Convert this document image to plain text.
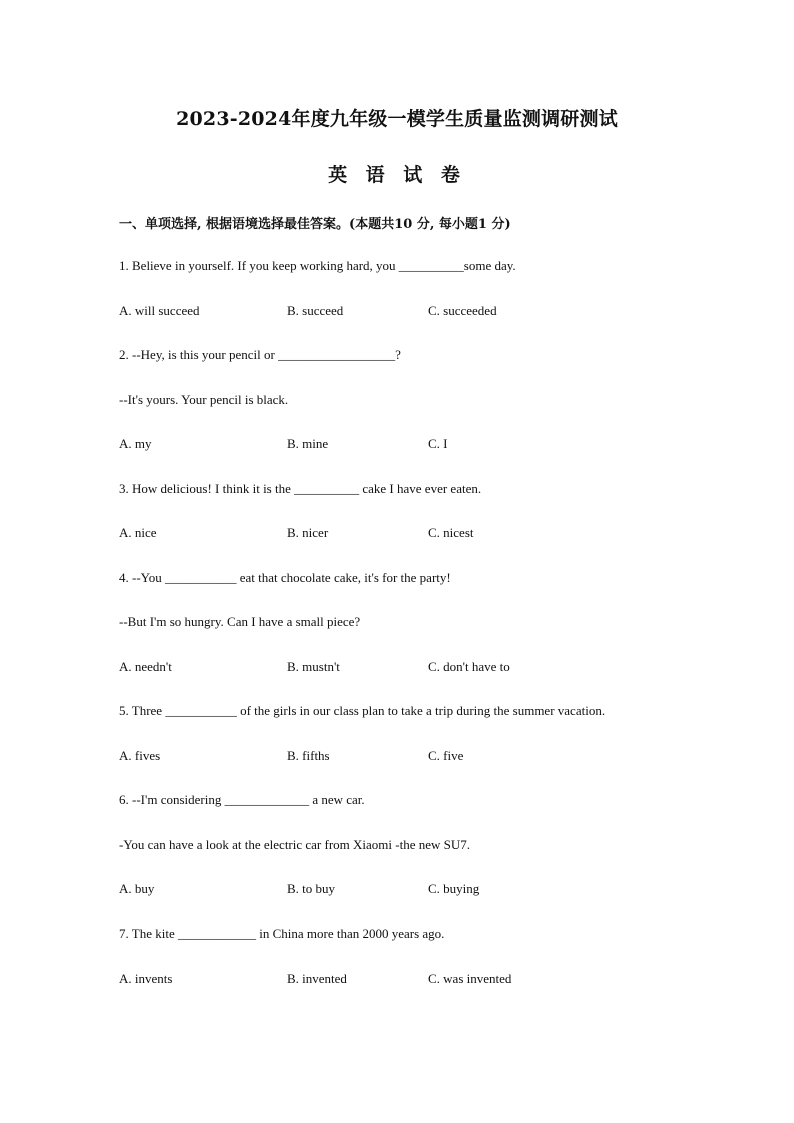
2023-2024年度九年级一模学生质量监测调研测试
英 语 试 卷
一、单项选择, 根据语境选择最佳答案。(本题共10 分, 每小题1 分)
1. Believe in yourself. If you keep working hard, you __________some day.
A. will succeed	B. succeed	C. succeeded
2. --Hey, is this your pencil or __________________?
--It's yours. Your pencil is black.
A. my	B. mine	C. I
3. How delicious! I think it is the __________ cake I have ever eaten.
A. nice	B. nicer	C. nicest
4. --You ___________ eat that chocolate cake, it's for the party!
--But I'm so hungry. Can I have a small piece?
A. needn't	B. mustn't	C. don't have to
5. Three ___________ of the girls in our class plan to take a trip during the summer vacation.
A. fives	B. fifths	C. five
6. --I'm considering _____________ a new car.
-You can have a look at the electric car from Xiaomi -the new SU7.
A. buy	B. to buy	C. buying
7. The kite ____________ in China more than 2000 years ago.
A. invents	B. invented	C. was invented
